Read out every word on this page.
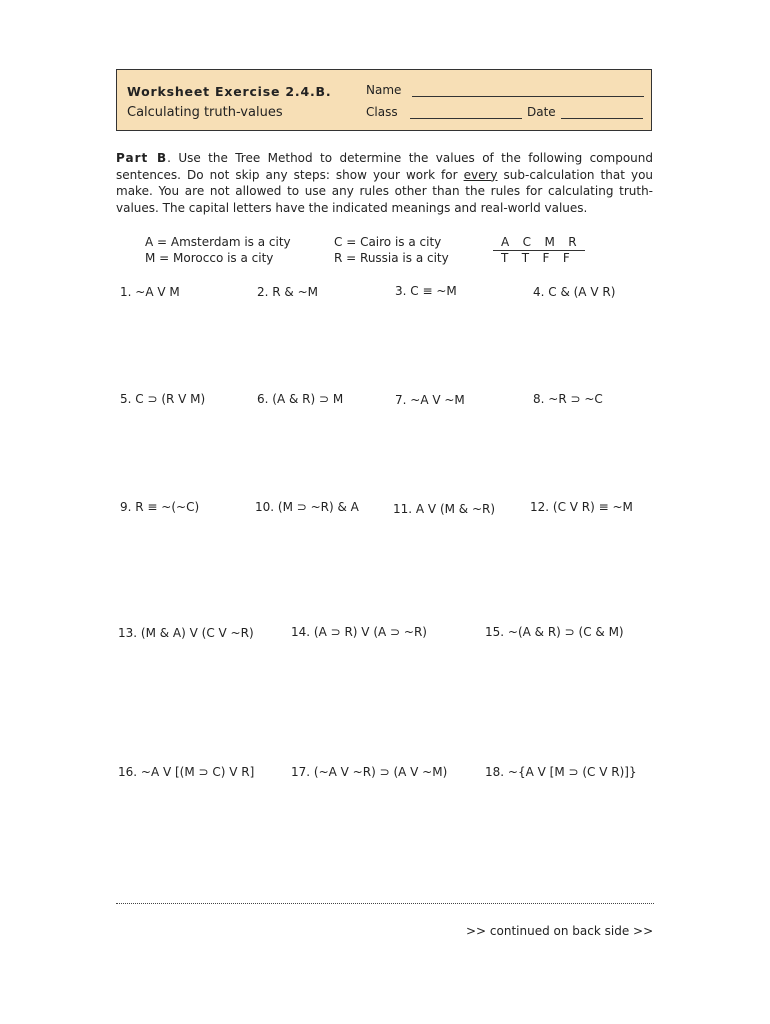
Worksheet Exercise 2.4.B.
Calculating truth-values
Name
Class	Date
Part B. Use the Tree Method to determine the values of the following compound sentences. Do not skip any steps: show your work for every sub-calculation that you make. You are not allowed to use any rules other than the rules for calculating truth-values. The capital letters have the indicated meanings and real-world values.
A = Amsterdam is a city
M = Morocco is a city
C = Cairo is a city
R = Russia is a city
A   C   M   R
T   T   F   F
1. ~A V M	2. R & ~M	3. C ≡ ~M	4. C & (A V R)
5. C ⊃ (R V M)	6. (A & R) ⊃ M	7. ~A V ~M	8. ~R ⊃ ~C
9. R ≡ ~(~C)	10. (M ⊃ ~R) & A	11. A V (M & ~R)	12. (C V R) ≡ ~M
13. (M & A) V (C V ~R)	14. (A ⊃ R) V (A ⊃ ~R)	15. ~(A & R) ⊃ (C & M)
16. ~A V [(M ⊃ C) V R]	17. (~A V ~R) ⊃ (A V ~M)	18. ~{A V [M ⊃ (C V R)]}
>> continued on back side >>
